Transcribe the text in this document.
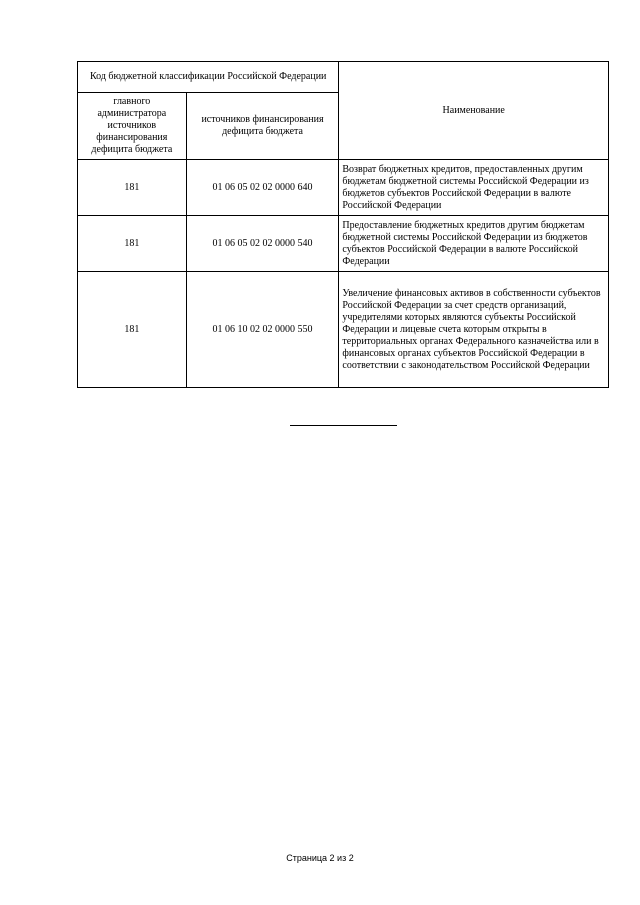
Код бюджетной классификации Российской Федерации		Наименование
главного администратора источников финансирования дефицита бюджета	источников финансирования дефицита бюджета	
181	01 06 05 02 02 0000 640	Возврат бюджетных кредитов, предоставленных другим бюджетам бюджетной системы Российской Федерации из бюджетов субъектов Российской Федерации в валюте Российской Федерации
181	01 06 05 02 02 0000 540	Предоставление бюджетных кредитов другим бюджетам бюджетной системы Российской Федерации из бюджетов субъектов Российской Федерации в валюте Российской Федерации
181	01 06 10 02 02 0000 550	Увеличение финансовых активов в собственности субъектов Российской Федерации за счет средств организаций, учредителями которых являются субъекты Российской Федерации и лицевые счета которым открыты в территориальных органах Федерального казначейства или в финансовых органах субъектов Российской Федерации в соответствии с законодательством Российской Федерации
Страница 2 из 2
